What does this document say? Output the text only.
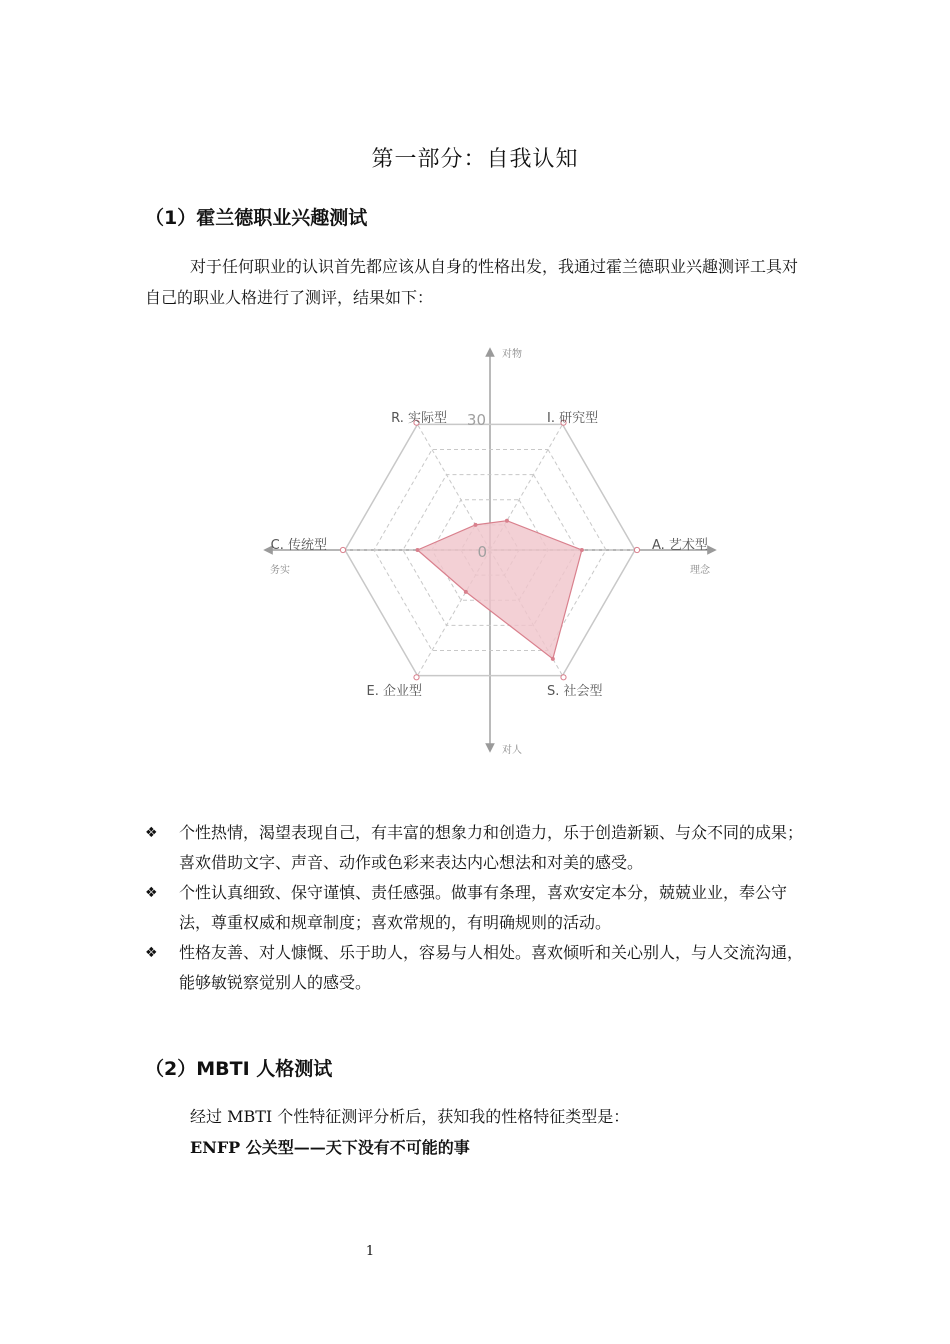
第一部分：自我认知
（1）霍兰德职业兴趣测试
对于任何职业的认识首先都应该从自身的性格出发，我通过霍兰德职业兴趣测评工具对自己的职业人格进行了测评，结果如下：
30
0
I. 研究型
A. 艺术型
S. 社会型
E. 企业型
C. 传统型
R. 实际型
对物
对人
务实	理念
❖ 个性热情，渴望表现自己，有丰富的想象力和创造力，乐于创造新颖、与众不同的成果；喜欢借助文字、声音、动作或色彩来表达内心想法和对美的感受。
❖ 个性认真细致、保守谨慎、责任感强。做事有条理，喜欢安定本分，兢兢业业，奉公守法，尊重权威和规章制度；喜欢常规的，有明确规则的活动。
❖ 性格友善、对人慷慨、乐于助人，容易与人相处。喜欢倾听和关心别人，与人交流沟通，能够敏锐察觉别人的感受。
（2）MBTI 人格测试
经过 MBTI 个性特征测评分析后，获知我的性格特征类型是：
ENFP 公关型——天下没有不可能的事
1
